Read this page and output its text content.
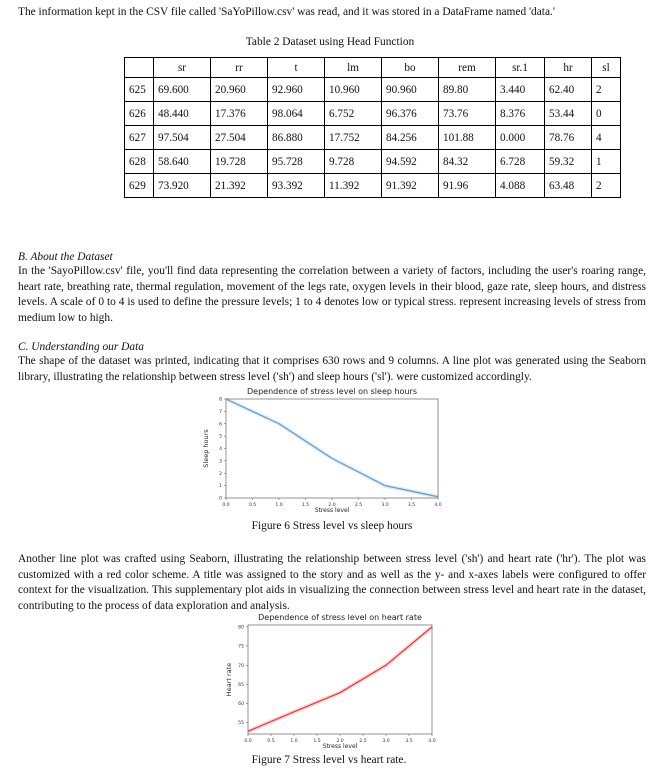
The information kept in the CSV file called 'SaYoPillow.csv' was read, and it was stored in a DataFrame named 'data.'
Table 2 Dataset using Head Function
	sr	rr	t	lm	bo	rem	sr.1	hr	sl
625	69.600	20.960	92.960	10.960	90.960	89.80	3.440	62.40	2
626	48.440	17.376	98.064	6.752	96.376	73.76	8.376	53.44	0
627	97.504	27.504	86.880	17.752	84.256	101.88	0.000	78.76	4
628	58.640	19.728	95.728	9.728	94.592	84.32	6.728	59.32	1
629	73.920	21.392	93.392	11.392	91.392	91.96	4.088	63.48	2
B. About the Dataset
In the 'SayoPillow.csv' file, you'll find data representing the correlation between a variety of factors, including the user's roaring range, heart rate, breathing rate, thermal regulation, movement of the legs rate, oxygen levels in their blood, gaze rate, sleep hours, and distress levels. A scale of 0 to 4 is used to define the pressure levels; 1 to 4 denotes low or typical stress. represent increasing levels of stress from medium low to high.
C. Understanding our Data
The shape of the dataset was printed, indicating that it comprises 630 rows and 9 columns. A line plot was generated using the Seaborn library, illustrating the relationship between stress level ('sh') and sleep hours ('sl'). were customized accordingly.
Dependence of stress level on sleep hours
0.0	0.5	1.0	1.5	2.0	2.5	3.0	3.5	4.0
0
1
2
3
4
5
6
7
8
Stress level
Sleep hours
Figure 6 Stress level vs sleep hours
Another line plot was crafted using Seaborn, illustrating the relationship between stress level ('sh') and heart rate ('hr'). The plot was customized with a red color scheme. A title was assigned to the story and as well as the y- and x-axes labels were configured to offer context for the visualization. This supplementary plot aids in visualizing the connection between stress level and heart rate in the dataset, contributing to the process of data exploration and analysis.
Dependence of stress level on heart rate
0.0	0.5	1.0	1.5	2.0	2.5	3.0	3.5	4.0
55
60
65
70
75
80
Stress level
Heart rate
Figure 7 Stress level vs heart rate.
